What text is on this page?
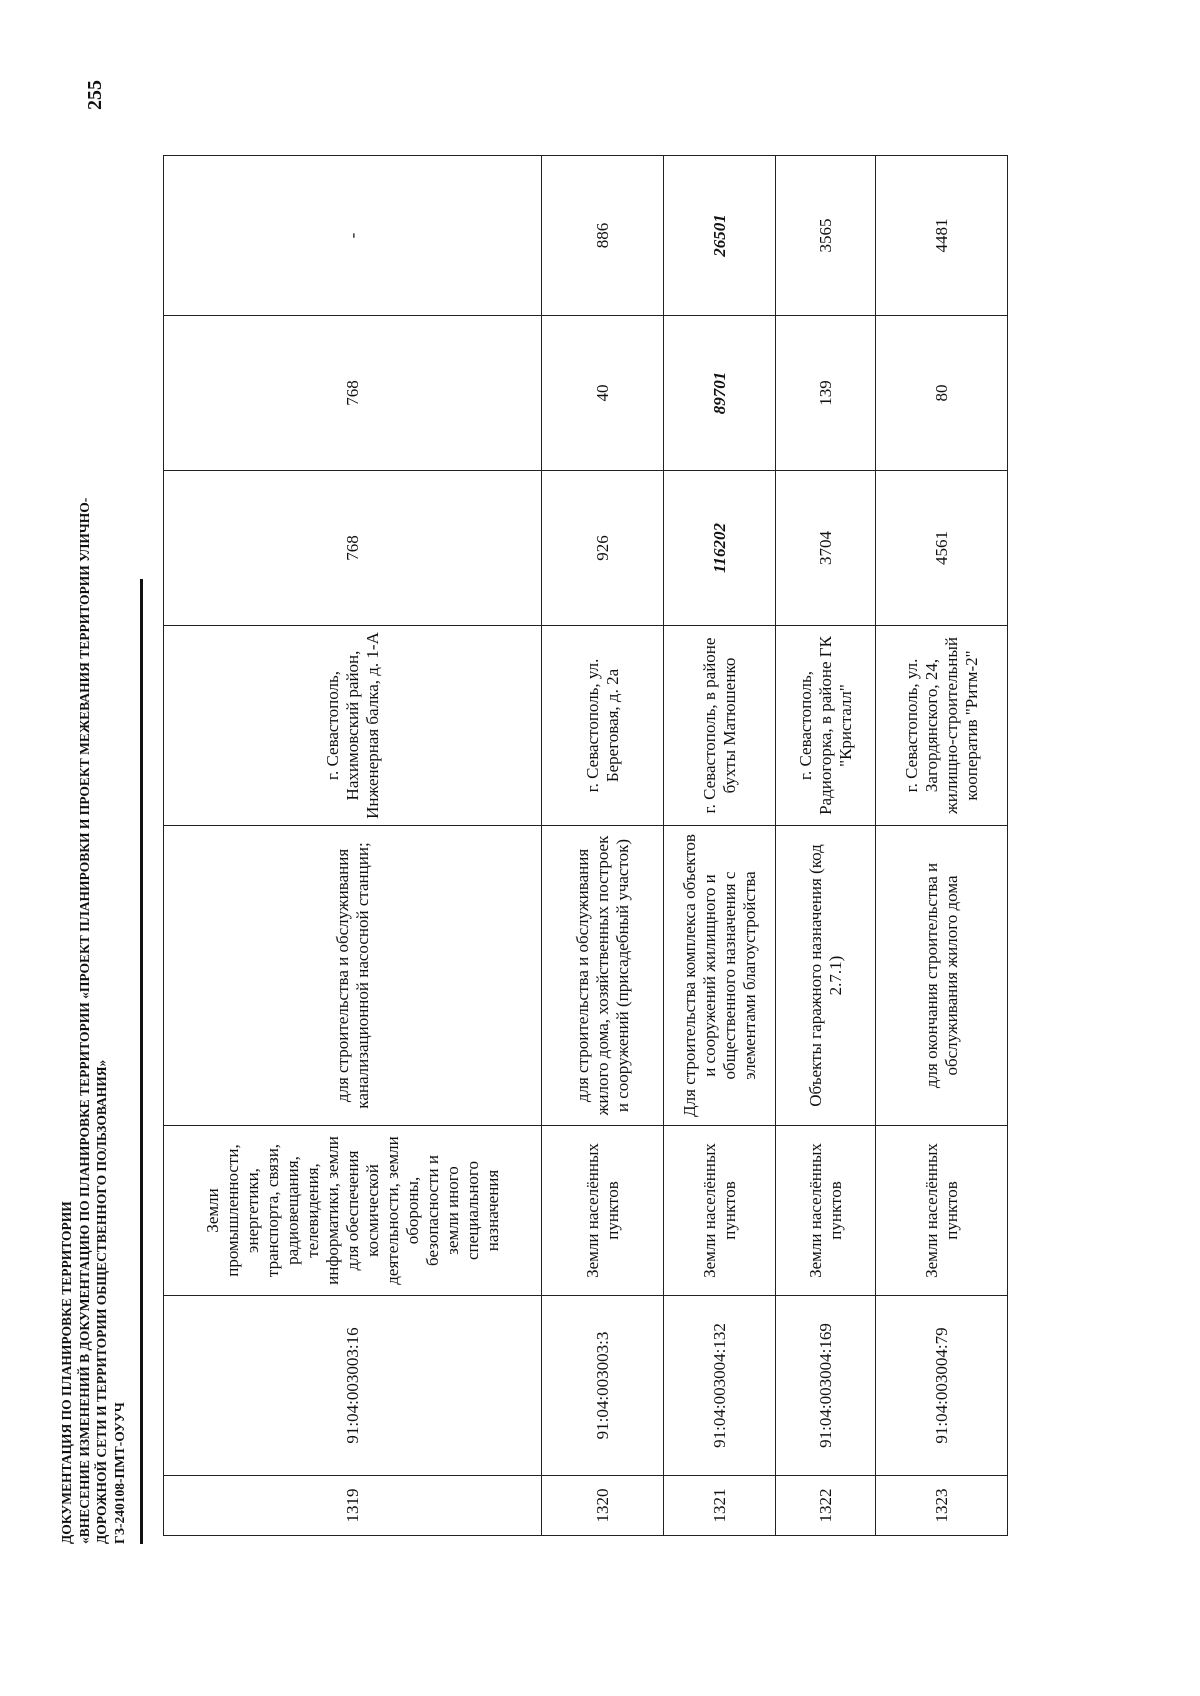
255
ДОКУМЕНТАЦИЯ ПО ПЛАНИРОВКЕ ТЕРРИТОРИИ «ВНЕСЕНИЕ ИЗМЕНЕНИЙ В ДОКУМЕНТАЦИЮ ПО ПЛАНИРОВКЕ ТЕРРИТОРИИ «ПРОЕКТ ПЛАНИРОВКИ И ПРОЕКТ МЕЖЕВАНИЯ ТЕРРИТОРИИ УЛИЧНО- ДОРОЖНОЙ СЕТИ И ТЕРРИТОРИИ ОБЩЕСТВЕННОГО ПОЛЬЗОВАНИЯ» ГЗ-240108-ПМТ-ОУУЧ	1319	91:04:003003:16	Земли промышленности, энергетики, транспорта, связи, радиовещания, телевидения, информатики, земли для обеспечения космической деятельности, земли обороны, безопасности и земли иного специального назначения	для строительства и обслуживания канализационной насосной станции;	г. Севастополь, Нахимовский район, Инженерная балка, д. 1-А	768	768	-
1320	91:04:003003:3	Земли населённых пунктов	для строительства и обслуживания жилого дома, хозяйственных построек и сооружений (присадебный участок)	г. Севастополь, ул. Береговая, д. 2а	926	40	886
1321	91:04:003004:132	Земли населённых пунктов	Для строительства комплекса объектов и сооружений жилищного и общественного назначения с элементами благоустройства	г. Севастополь, в районе бухты Матюшенко	116202	89701	26501
1322	91:04:003004:169	Земли населённых пунктов	Объекты гаражного назначения (код 2.7.1)	г. Севастополь, Радиогорка, в районе ГК "Кристалл"	3704	139	3565
1323	91:04:003004:79	Земли населённых пунктов	для окончания строительства и обслуживания жилого дома	г. Севастополь, ул. Загордянского, 24, жилищно-строительный кооператив "Ритм-2"	4561	80	4481
